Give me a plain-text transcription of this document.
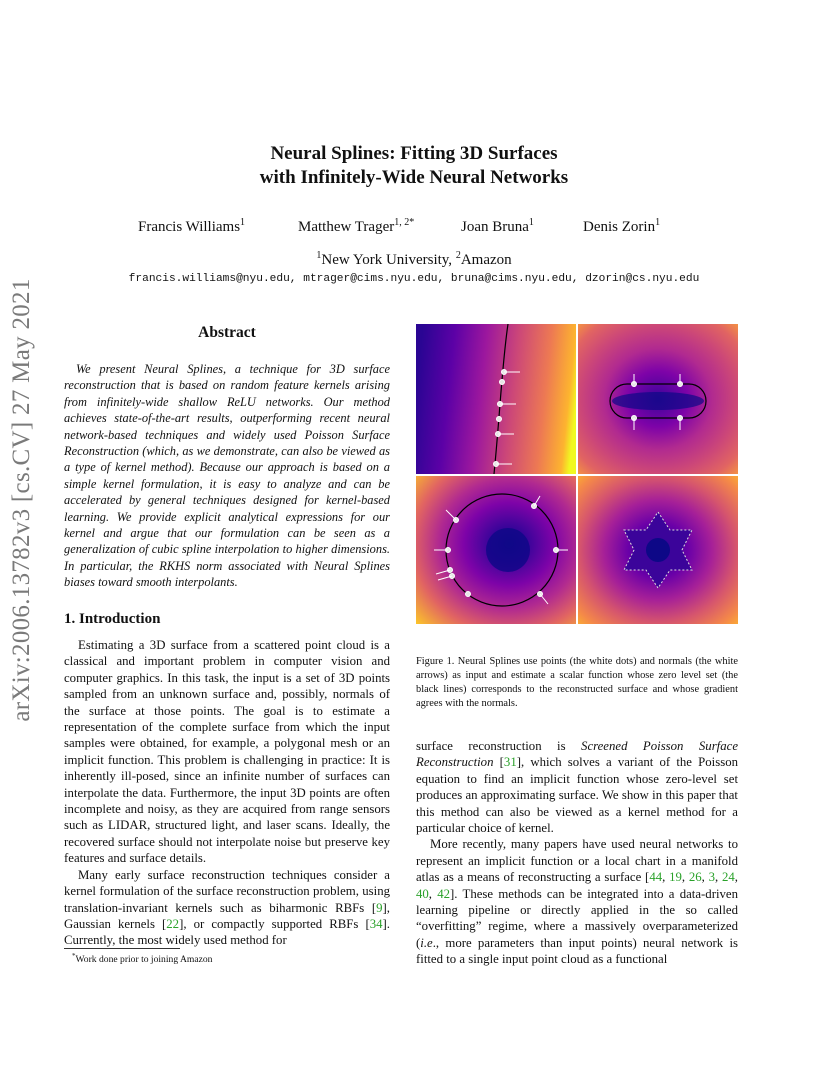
arXiv:2006.13782v3 [cs.CV] 27 May 2021
Neural Splines: Fitting 3D Surfaces
with Infinitely-Wide Neural Networks
Francis Williams$^1$	Matthew Trager$^{1, 2*}$	Joan Bruna$^1$	Denis Zorin$^1$
$^1$New York University, $^2$Amazon
francis.williams@nyu.edu, mtrager@cims.nyu.edu, bruna@cims.nyu.edu, dzorin@cs.nyu.edu
Abstract

We present Neural Splines, a technique for 3D surface reconstruction that is based on random feature kernels arising from infinitely-wide shallow ReLU networks. Our method achieves state-of-the-art results, outperforming recent neural network-based techniques and widely used Poisson Surface Reconstruction (which, as we demonstrate, can also be viewed as a type of kernel method). Because our approach is based on a simple kernel formulation, it is easy to analyze and can be accelerated by general techniques designed for kernel-based learning. We provide explicit analytical expressions for our kernel and argue that our formulation can be seen as a generalization of cubic spline interpolation to higher dimensions. In particular, the RKHS norm associated with Neural Splines biases toward smooth interpolants.

1. Introduction

Estimating a 3D surface from a scattered point cloud is a classical and important problem in computer vision and computer graphics. In this task, the input is a set of 3D points sampled from an unknown surface and, possibly, normals of the surface at those points. The goal is to estimate a representation of the complete surface from which the input samples were obtained, for example, a polygonal mesh or an implicit function. This problem is challenging in practice: It is inherently ill-posed, since an infinite number of surfaces can interpolate the data. Furthermore, the input 3D points are often incomplete and noisy, as they are acquired from range sensors such as LIDAR, structured light, and laser scans. Ideally, the recovered surface should not interpolate noise but preserve key features and surface details.

Many early surface reconstruction techniques consider a kernel formulation of the surface reconstruction problem, using translation-invariant kernels such as biharmonic RBFs [9], Gaussian kernels [22], or compactly supported RBFs [34]. Currently, the most widely used method for

*Work done prior to joining Amazon

Figure 1. Neural Splines use points (the white dots) and normals (the white arrows) as input and estimate a scalar function whose zero level set (the black lines) corresponds to the reconstructed surface and whose gradient agrees with the normals.

surface reconstruction is Screened Poisson Surface Reconstruction [31], which solves a variant of the Poisson equation to find an implicit function whose zero-level set produces an approximating surface. We show in this paper that this method can also be viewed as a kernel method for a particular choice of kernel.

More recently, many papers have used neural networks to represent an implicit function or a local chart in a manifold atlas as a means of reconstructing a surface [44, 19, 26, 3, 24, 40, 42]. These methods can be integrated into a data-driven learning pipeline or directly applied in the so called “overfitting” regime, where a massively overparameterized (i.e., more parameters than input points) neural network is fitted to a single input point cloud as a functional
